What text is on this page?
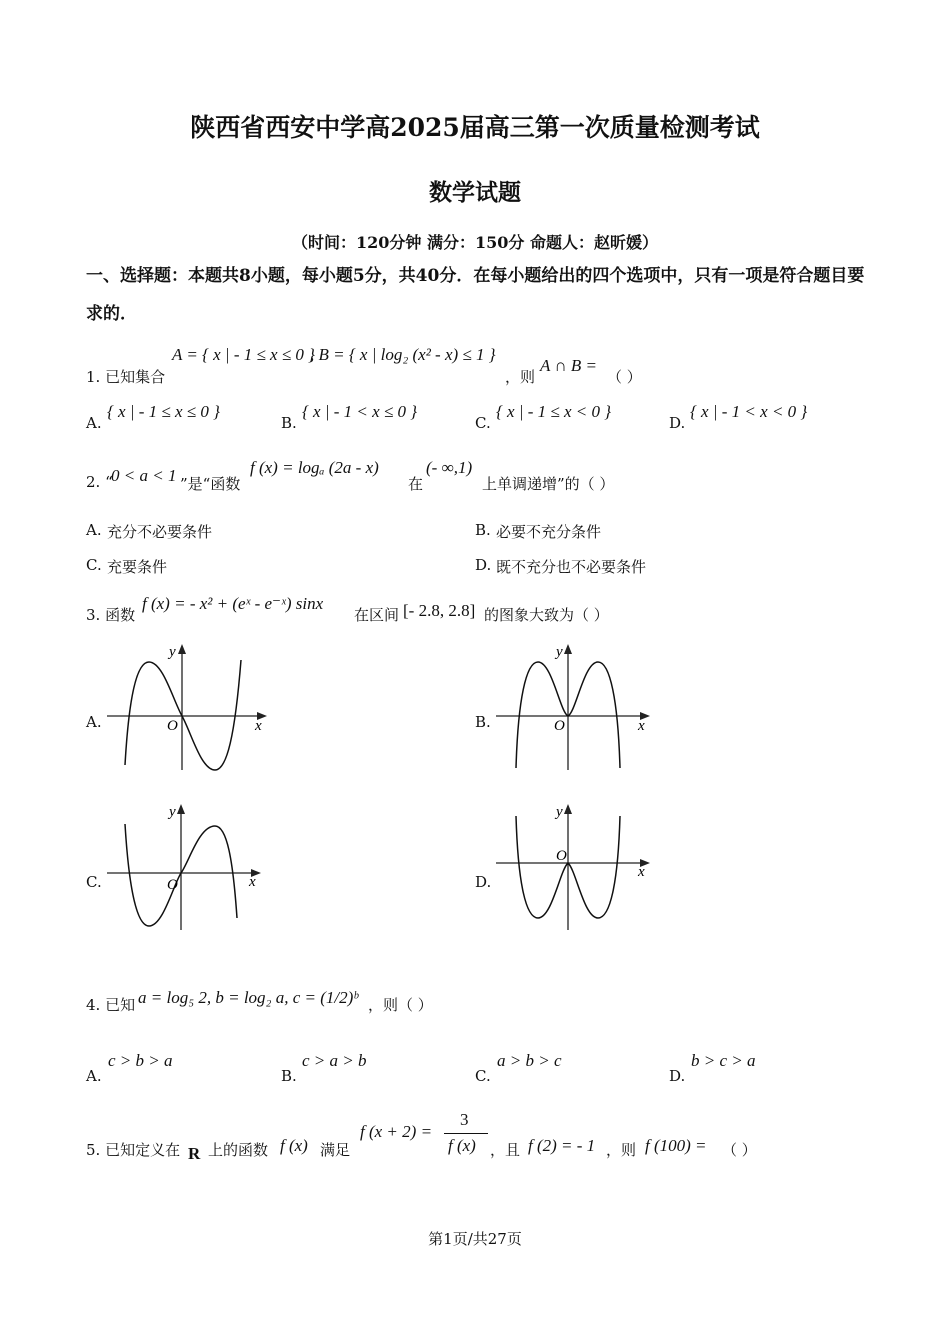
陕西省西安中学高2025届高三第一次质量检测考试
数学试题
（时间：120分钟 满分：150分 命题人：赵昕媛）
一、选择题：本题共8小题，每小题5分，共40分．在每小题给出的四个选项中，只有一项是符合题目要求的．
1. 已知集合
A = { x | - 1 ≤ x ≤ 0 }
, B = { x | log₂ (x² - x) ≤ 1 }
，则
A ∩ B =
（ ）
A.
{ x | - 1 ≤ x ≤ 0 }
B.
{ x | - 1 < x ≤ 0 }
C.
{ x | - 1 ≤ x < 0 }
D.
{ x | - 1 < x < 0 }
2. “
0 < a < 1 ”是“函数
f (x) = logₐ (2a - x)
在
(- ∞,1)
上单调递增”的（ ）
A. 充分不必要条件	B. 必要不充分条件
C. 充要条件	D. 既不充分也不必要条件
3. 函数
f (x) = - x² + (eˣ - e⁻ˣ) sinx
在区间 [- 2.8, 2.8] 的图象大致为（ ）
A.	x
y
O	B.	x
y
O
C.	x
y
O	D.
x
y
O
4. 已知 a = log₅ 2, b = log₂ a, c = (1/2)ᵇ ，则（ ）
A.
c > b > a
B.
c > a > b
C.
a > b > c
D.
b > c > a
5. 已知定义在 R 上的函数 f (x) 满足
f (x + 2) =
3
f (x) ，且 f (2) = - 1 ，则 f (100) = （ ）
第1页/共27页
